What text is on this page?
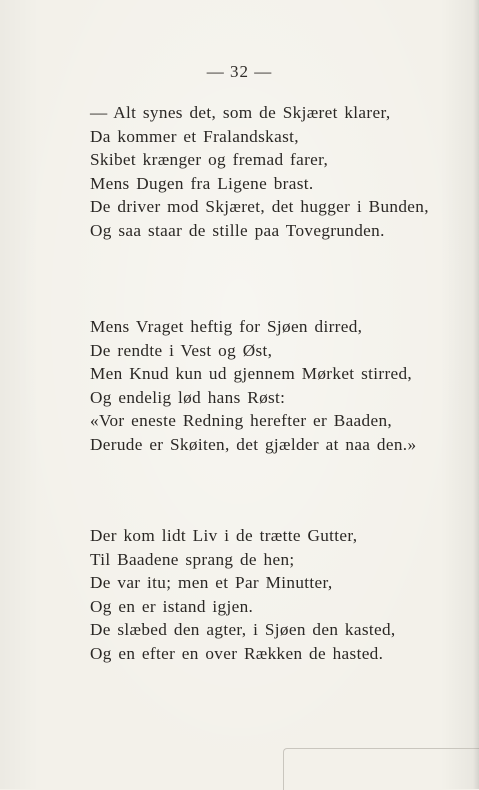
— 32 —
— Alt synes det, som de Skjæret klarer,
Da kommer et Fralandskast,
Skibet krænger og fremad farer,
Mens Dugen fra Ligene brast.
De driver mod Skjæret, det hugger i Bunden,
Og saa staar de stille paa Tovegrunden.
Mens Vraget heftig for Sjøen dirred,
De rendte i Vest og Øst,
Men Knud kun ud gjennem Mørket stirred,
Og endelig lød hans Røst:
«Vor eneste Redning herefter er Baaden,
Derude er Skøiten, det gjælder at naa den.»
Der kom lidt Liv i de trætte Gutter,
Til Baadene sprang de hen;
De var itu; men et Par Minutter,
Og en er istand igjen.
De slæbed den agter, i Sjøen den kasted,
Og en efter en over Rækken de hasted.
